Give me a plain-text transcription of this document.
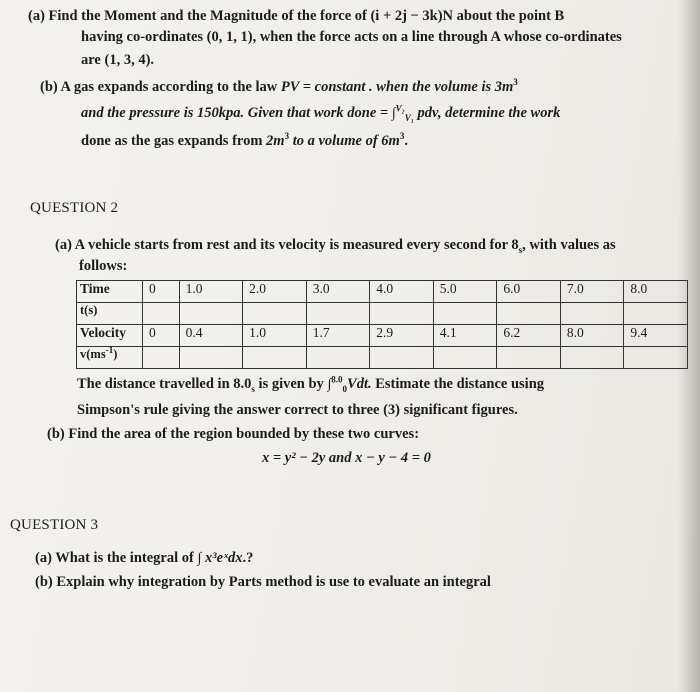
(a) Find the Moment and the Magnitude of the force of (i + 2j − 3k)N about the point B
having co-ordinates (0, 1, 1), when the force acts on a line through A whose co-ordinates
are (1, 3, 4).
(b) A gas expands according to the law PV = constant . when the volume is $3m^3$
and the pressure is 150kpa. Given that work done = ∫$^{V_2}_{V_1}$ pdv, determine the work
done as the gas expands from $2m^3$ to a volume of $6m^3$.
QUESTION 2
(a) A vehicle starts from rest and its velocity is measured every second for $8_s$, with values as
follows:
Time	0	1.0	2.0	3.0	4.0	5.0	6.0	7.0	8.0
t(s)									
Velocity	0	0.4	1.0	1.7	2.9	4.1	6.2	8.0	9.4
$v(ms^{-1})$									
The distance travelled in $8.0_s$ is given by ∫$^{8.0}_0$Vdt. Estimate the distance using
Simpson's rule giving the answer correct to three (3) significant figures.
(b) Find the area of the region bounded by these two curves:
x = y² − 2y and x − y − 4 = 0
QUESTION 3
(a) What is the integral of ∫ x³eˣdx.?
(b) Explain why integration by Parts method is use to evaluate an integral
